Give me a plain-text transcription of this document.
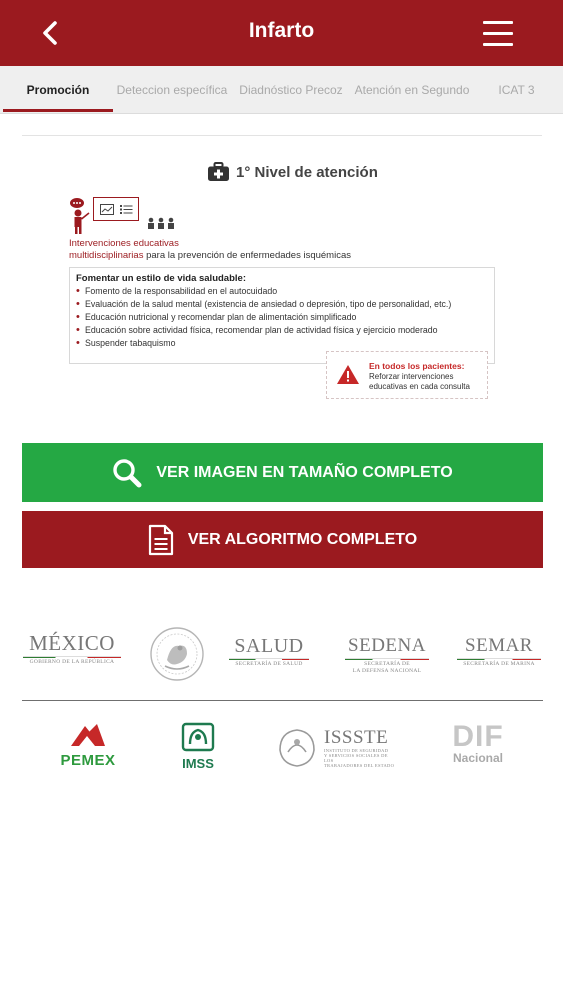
Infarto
Promoción	Deteccion específica Diadnóstico Precoz Atención en Segundo	ICAT 3
1° Nivel de atención
Intervenciones educativas
multidisciplinarias para la prevención de enfermedades isquémicas
Fomentar un estilo de vida saludable:
• Fomento de la responsabilidad en el autocuidado
• Evaluación de la salud mental (existencia de ansiedad o depresión, tipo de personalidad, etc.)
• Educación nutricional y recomendar plan de alimentación simplificado
• Educación sobre actividad física, recomendar plan de actividad física y ejercicio moderado
• Suspender tabaquismo
En todos los pacientes:
Reforzar intervenciones educativas en cada consulta
VER IMAGEN EN TAMAÑO COMPLETO
VER ALGORITMO COMPLETO
MÉXICO
GOBIERNO DE LA REPÚBLICA
SALUD
SECRETARÍA DE SALUD
SEDENA
SECRETARÍA DE
LA DEFENSA NACIONAL
SEMAR
SECRETARÍA DE MARINA
PEMEX	IMSS
ISSSTE
INSTITUTO DE SEGURIDAD
Y SERVICIOS SOCIALES DE LOS
TRABAJADORES DEL ESTADO
DIF
Nacional
